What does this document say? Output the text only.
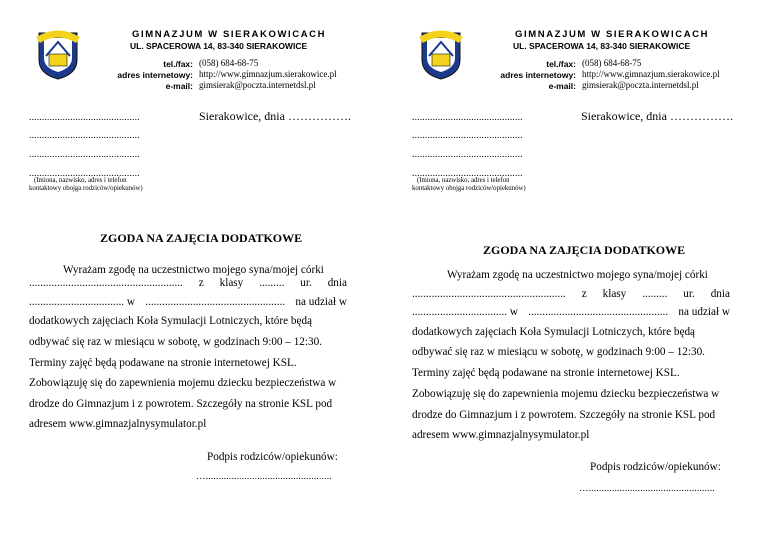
GIMNAZJUM W SIERAKOWICACH
UL. SPACEROWA 14, 83-340 SIERAKOWICE
tel./fax: (058) 684-68-75
adres internetowy: http://www.gimnazjum.sierakowice.pl
e-mail: gimsierak@poczta.internetdsl.pl
...........................................	Sierakowice, dnia …………….
...........................................
...........................................
...........................................
(Imiona, nazwisko, adres i telefon
kontaktowy obojga rodziców/opiekunów)
ZGODA NA ZAJĘCIA DODATKOWE
Wyrażam zgodę na uczestnictwo mojego syna/mojej córki
....................................................... z klasy ......... ur. dnia
.................................. w .................................................. na udział w
dodatkowych zajęciach Koła Symulacji Lotniczych, które będą
odbywać się raz w miesiącu w sobotę, w godzinach 9:00 – 12:30.
Terminy zajęć będą podawane na stronie internetowej KSL.
Zobowiązuję się do zapewnienia mojemu dziecku bezpieczeństwa w
drodze do Gimnazjum i z powrotem. Szczegóły na stronie KSL pod
adresem www.gimnazjalnysymulator.pl
Podpis rodziców/opiekunów:
….................................................
GIMNAZJUM W SIERAKOWICACH
UL. SPACEROWA 14, 83-340 SIERAKOWICE
tel./fax: (058) 684-68-75
adres internetowy: http://www.gimnazjum.sierakowice.pl
e-mail: gimsierak@poczta.internetdsl.pl
...........................................	Sierakowice, dnia …………….
...........................................
...........................................
...........................................
(Imiona, nazwisko, adres i telefon
kontaktowy obojga rodziców/opiekunów)
ZGODA NA ZAJĘCIA DODATKOWE
Wyrażam zgodę na uczestnictwo mojego syna/mojej córki
....................................................... z klasy ......... ur. dnia
.................................. w .................................................. na udział w
dodatkowych zajęciach Koła Symulacji Lotniczych, które będą
odbywać się raz w miesiącu w sobotę, w godzinach 9:00 – 12:30.
Terminy zajęć będą podawane na stronie internetowej KSL.
Zobowiązuję się do zapewnienia mojemu dziecku bezpieczeństwa w
drodze do Gimnazjum i z powrotem. Szczegóły na stronie KSL pod
adresem www.gimnazjalnysymulator.pl
Podpis rodziców/opiekunów:
….................................................
